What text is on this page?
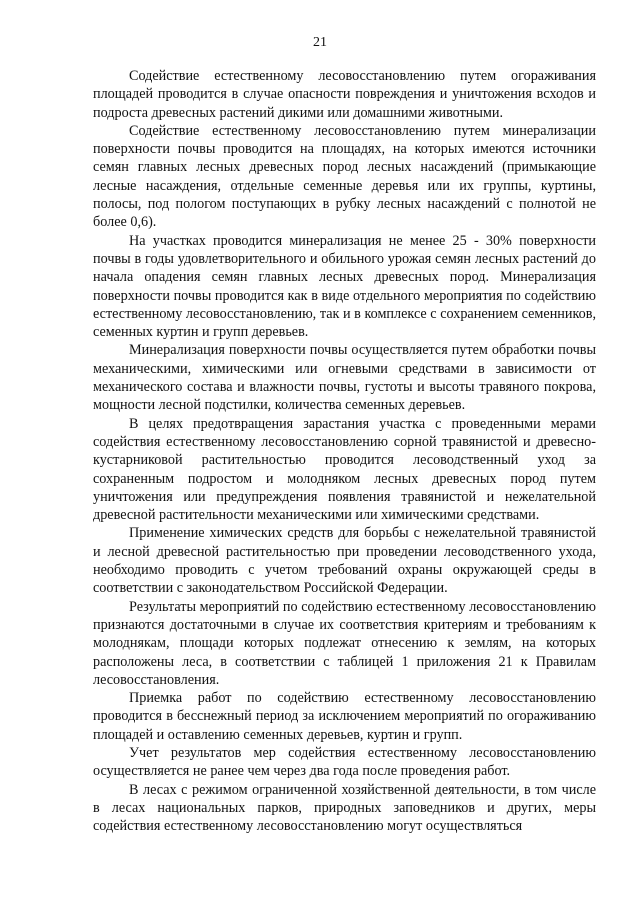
21

Содействие естественному лесовосстановлению путем огораживания площадей проводится в случае опасности повреждения и уничтожения всходов и подроста древесных растений дикими или домашними животными.

Содействие естественному лесовосстановлению путем минерализации поверхности почвы проводится на площадях, на которых имеются источники семян главных лесных древесных пород лесных насаждений (примыкающие лесные насаждения, отдельные семенные деревья или их группы, куртины, полосы, под пологом поступающих в рубку лесных насаждений с полнотой не более 0,6).

На участках проводится минерализация не менее 25 - 30% поверхности почвы в годы удовлетворительного и обильного урожая семян лесных растений до начала опадения семян главных лесных древесных пород. Минерализация поверхности почвы проводится как в виде отдельного мероприятия по содействию естественному лесовосстановлению, так и в комплексе с сохранением семенников, семенных куртин и групп деревьев.

Минерализация поверхности почвы осуществляется путем обработки почвы механическими, химическими или огневыми средствами в зависимости от механического состава и влажности почвы, густоты и высоты травяного покрова, мощности лесной подстилки, количества семенных деревьев.

В целях предотвращения зарастания участка с проведенными мерами содействия естественному лесовосстановлению сорной травянистой и древесно-кустарниковой растительностью проводится лесоводственный уход за сохраненным подростом и молодняком лесных древесных пород путем уничтожения или предупреждения появления травянистой и нежелательной древесной растительности механическими или химическими средствами.

Применение химических средств для борьбы с нежелательной травянистой и лесной древесной растительностью при проведении лесоводственного ухода, необходимо проводить с учетом требований охраны окружающей среды в соответствии с законодательством Российской Федерации.

Результаты мероприятий по содействию естественному лесовосстановлению признаются достаточными в случае их соответствия критериям и требованиям к молоднякам, площади которых подлежат отнесению к землям, на которых расположены леса, в соответствии с таблицей 1 приложения 21 к Правилам лесовосстановления.

Приемка работ по содействию естественному лесовосстановлению проводится в бесснежный период за исключением мероприятий по огораживанию площадей и оставлению семенных деревьев, куртин и групп.

Учет результатов мер содействия естественному лесовосстановлению осуществляется не ранее чем через два года после проведения работ.

В лесах с режимом ограниченной хозяйственной деятельности, в том числе в лесах национальных парков, природных заповедников и других, меры содействия естественному лесовосстановлению могут осуществляться
